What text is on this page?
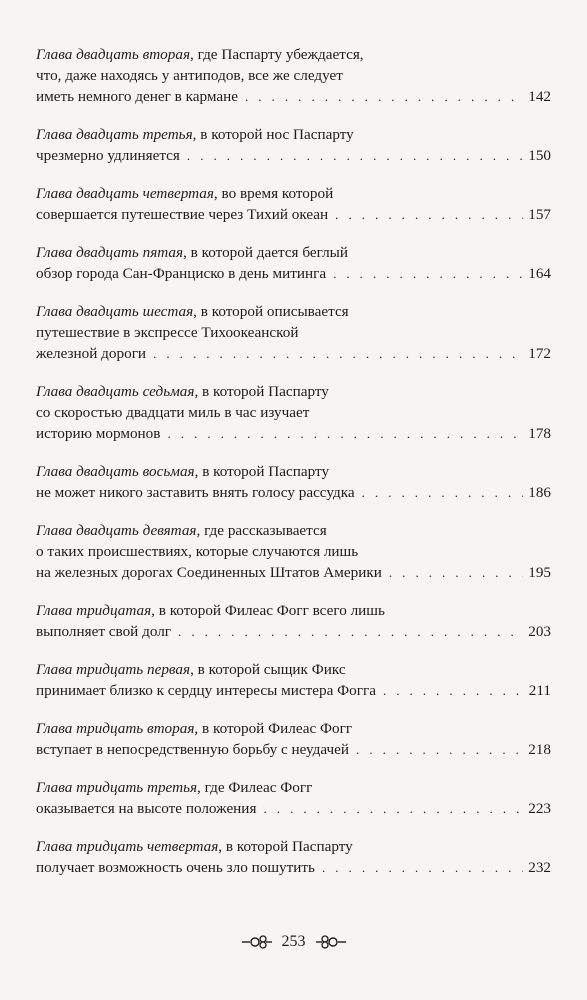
Глава двадцать вторая, где Паспарту убеждается,
что, даже находясь у антиподов, все же следует
иметь немного денег в кармане . . .	142
Глава двадцать третья, в которой нос Паспарту
чрезмерно удлиняется . . .	150
Глава двадцать четвертая, во время которой
совершается путешествие через Тихий океан . . .	157
Глава двадцать пятая, в которой дается беглый
обзор города Сан-Франциско в день митинга . . .	164
Глава двадцать шестая, в которой описывается
путешествие в экспрессе Тихоокеанской
железной дороги . . .	172
Глава двадцать седьмая, в которой Паспарту
со скоростью двадцати миль в час изучает
историю мормонов . . .	178
Глава двадцать восьмая, в которой Паспарту
не может никого заставить внять голосу рассудка . . .	186
Глава двадцать девятая, где рассказывается
о таких происшествиях, которые случаются лишь
на железных дорогах Соединенных Штатов Америки . . .	195
Глава тридцатая, в которой Филеас Фогг всего лишь
выполняет свой долг . . .	203
Глава тридцать первая, в которой сыщик Фикс
принимает близко к сердцу интересы мистера Фогга . . .	211
Глава тридцать вторая, в которой Филеас Фогг
вступает в непосредственную борьбу с неудачей . . .	218
Глава тридцать третья, где Филеас Фогг
оказывается на высоте положения . . .	223
Глава тридцать четвертая, в которой Паспарту
получает возможность очень зло пошутить . . .	232
253
